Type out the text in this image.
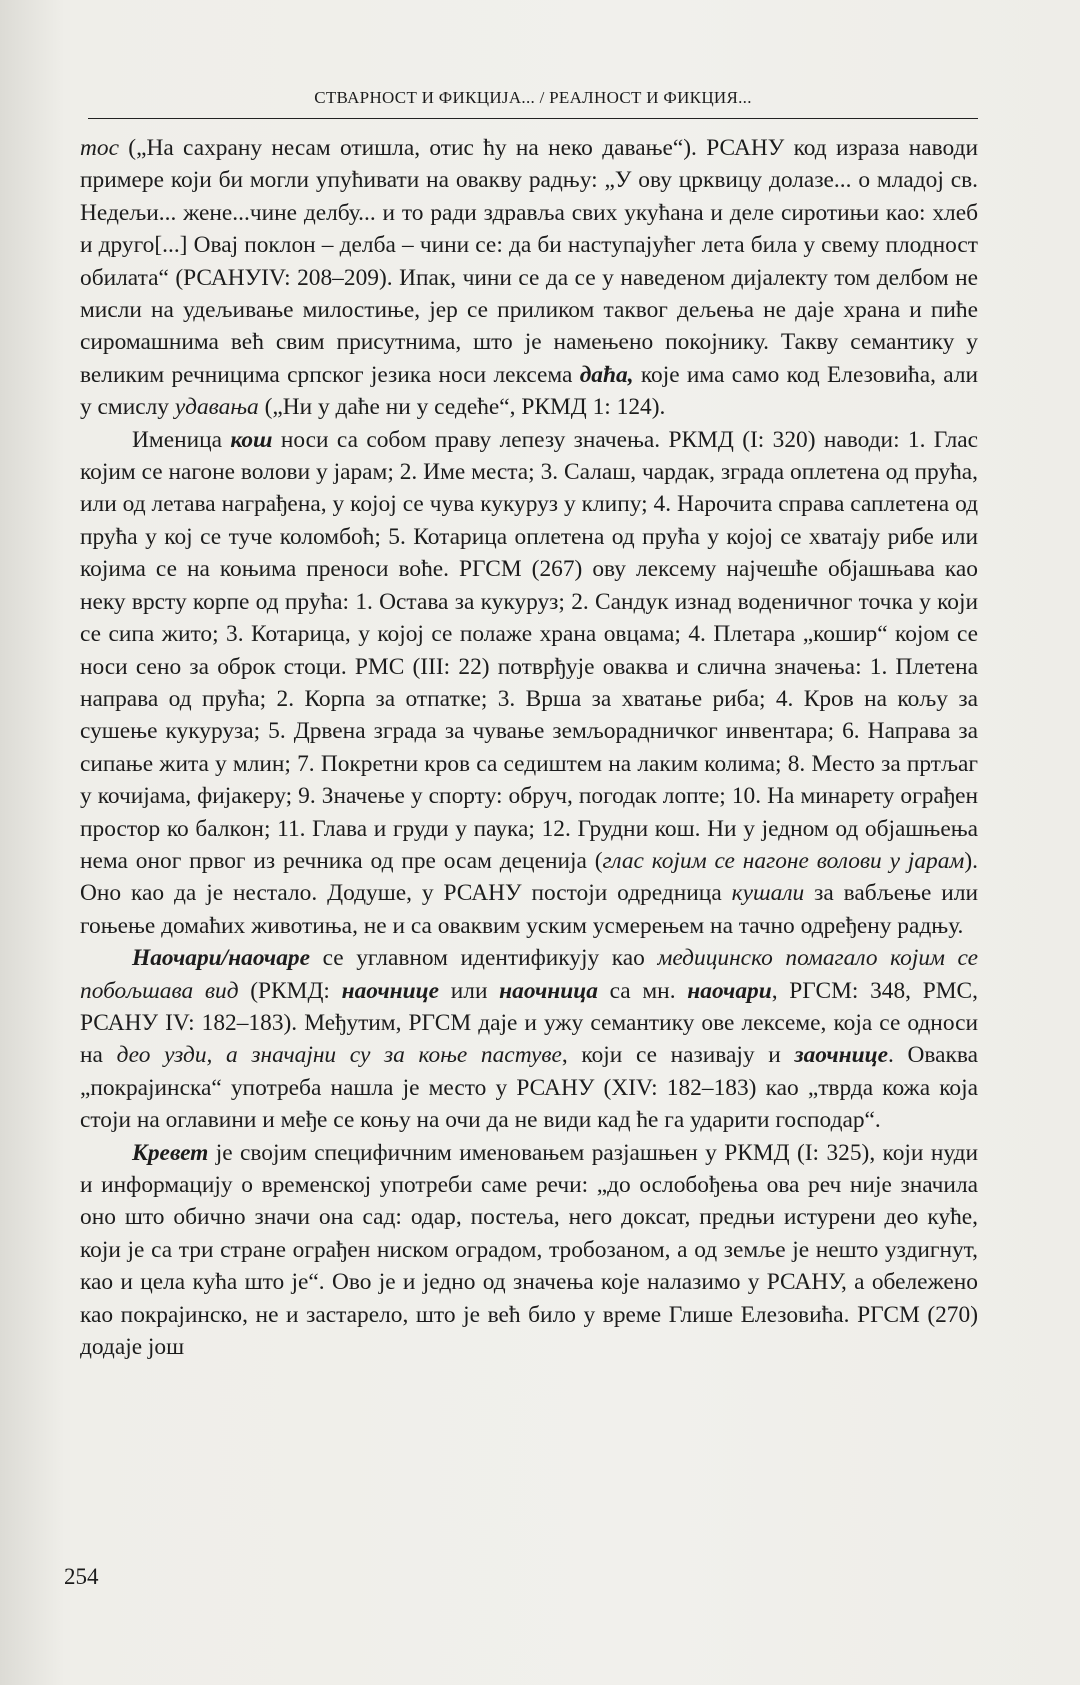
СТВАРНОСТ И ФИКЦИЈА... / РЕАЛНОСТ И ФИКЦИЯ...

тос („На сахрану несам отишла, отис ћу на неко давање“). РСАНУ код израза наводи примере који би могли упућивати на овакву радњу: „У ову црквицу долазе... о младој св. Недељи... жене...чине делбу... и то ради здравља свих укућана и деле сиротињи као: хлеб и друго[...] Овај поклон – делба – чини се: да би наступајућег лета била у свему плодност обилата“ (РСАНУIV: 208–209). Ипак, чини се да се у наведеном дијалекту том делбом не мисли на удељивање милостиње, јер се приликом таквог дељења не даје храна и пиће сиромашнима већ свим присутнима, што је намењено покојнику. Такву семантику у великим речницима српског језика носи лексема даћа, које има само код Елезовића, али у смислу удавања („Ни у даће ни у седеће“, РКМД 1: 124).

Именица кош носи са собом праву лепезу значења. РКМД (I: 320) наводи: 1. Глас којим се нагоне волови у јарам; 2. Име места; 3. Салаш, чардак, зграда оплетена од прућа, или од летава награђена, у којој се чува кукуруз у клипу; 4. Нарочита справа саплетена од прућа у кој се туче коломбоћ; 5. Котарица оплетена од прућа у којој се хватају рибе или којима се на коњима преноси воће. РГСМ (267) ову лексему најчешће објашњава као неку врсту корпе од прућа: 1. Остава за кукуруз; 2. Сандук изнад воденичног точка у који се сипа жито; 3. Котарица, у којој се полаже храна овцама; 4. Плетара „кошир“ којом се носи сено за оброк стоци. РМС (III: 22) потврђује оваква и слична значења: 1. Плетена направа од прућа; 2. Корпа за отпатке; 3. Врша за хватање риба; 4. Кров на кољу за сушење кукуруза; 5. Дрвена зграда за чување земљорадничког инвентара; 6. Направа за сипање жита у млин; 7. Покретни кров са седиштем на лаким колима; 8. Место за пртљаг у кочијама, фијакеру; 9. Значење у спорту: обруч, погодак лопте; 10. На минарету ограђен простор ко балкон; 11. Глава и груди у паука; 12. Грудни кош. Ни у једном од објашњења нема оног првог из речника од пре осам деценија (глас којим се нагоне волови у јарам). Оно као да је нестало. Додуше, у РСАНУ постоји одредница кушали за вабљење или гоњење домаћих животиња, не и са оваквим уским усмерењем на тачно одређену радњу.

Наочари/наочаре се углавном идентификују као медицинско помагало којим се побољшава вид (РКМД: наочнице или наочница са мн. наочари, РГСМ: 348, РМС, РСАНУ IV: 182–183). Међутим, РГСМ даје и ужу семантику ове лексеме, која се односи на део узди, а значајни су за коње пастуве, који се називају и заочнице. Оваква „покрајинска“ употреба нашла је место у РСАНУ (XIV: 182–183) као „тврда кожа која стоји на оглавини и међе се коњу на очи да не види кад ће га ударити господар“.

Кревет је својим специфичним именовањем разјашњен у РКМД (I: 325), који нуди и информацију о временској употреби саме речи: „до ослобођења ова реч није значила оно што обично значи она сад: одар, постеља, него доксат, предњи истурени део куће, који је са три стране ограђен ниском оградом, тробозаном, а од земље је нешто уздигнут, као и цела кућа што је“. Ово је и једно од значења које налазимо у РСАНУ, а обележено као покрајинско, не и застарело, што је већ било у време Глише Елезовића. РГСМ (270) додаје још

254
